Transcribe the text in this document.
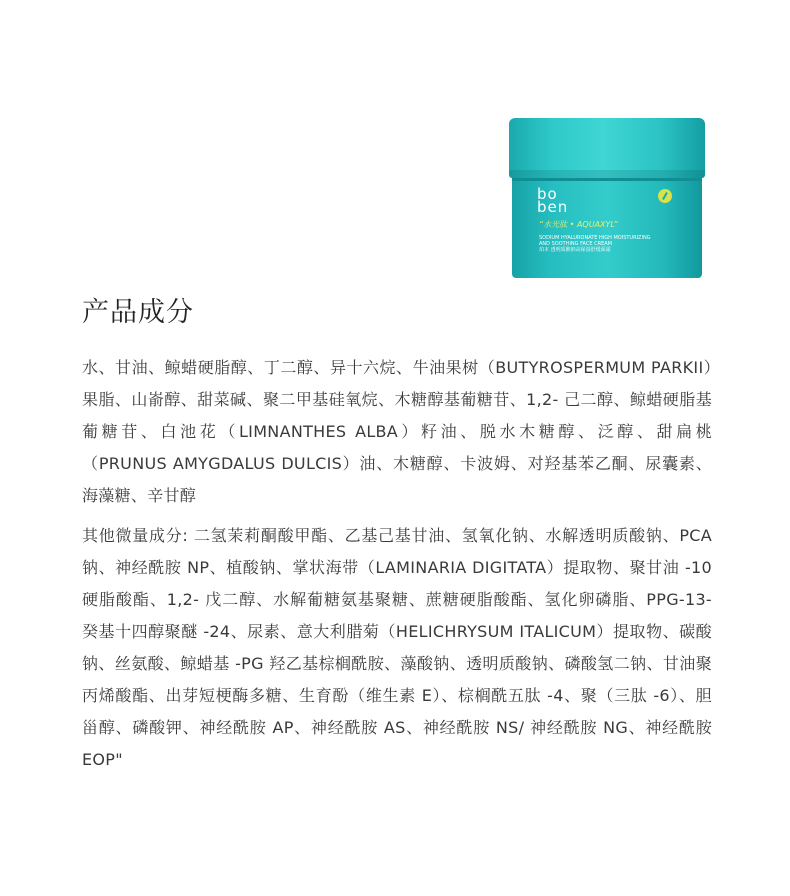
bo
ben
“水光肽 • AQUAXYL”
SODIUM HYALURONATE HIGH MOISTURIZING
AND SOOTHING FACE CREAM
珀本 透明质酸钠高保湿舒缓面霜
产品成分

水、甘油、鲸蜡硬脂醇、丁二醇、异十六烷、牛油果树（BUTYROSPERMUM PARKII）果脂、山嵛醇、甜菜碱、聚二甲基硅氧烷、木糖醇基葡糖苷、1,2- 己二醇、鲸蜡硬脂基葡糖苷、白池花（LIMNANTHES ALBA）籽油、脱水木糖醇、泛醇、甜扁桃（PRUNUS AMYGDALUS DULCIS）油、木糖醇、卡波姆、对羟基苯乙酮、尿囊素、海藻糖、辛甘醇

其他微量成分: 二氢茉莉酮酸甲酯、乙基己基甘油、氢氧化钠、水解透明质酸钠、PCA 钠、神经酰胺 NP、植酸钠、掌状海带（LAMINARIA DIGITATA）提取物、聚甘油 -10 硬脂酸酯、1,2- 戊二醇、水解葡糖氨基聚糖、蔗糖硬脂酸酯、氢化卵磷脂、PPG-13- 癸基十四醇聚醚 -24、尿素、意大利腊菊（HELICHRYSUM ITALICUM）提取物、碳酸钠、丝氨酸、鲸蜡基 -PG 羟乙基棕榈酰胺、藻酸钠、透明质酸钠、磷酸氢二钠、甘油聚丙烯酸酯、出芽短梗酶多糖、生育酚（维生素 E）、棕榈酰五肽 -4、聚（三肽 -6）、胆甾醇、磷酸钾、神经酰胺 AP、神经酰胺 AS、神经酰胺 NS/ 神经酰胺 NG、神经酰胺 EOP"
